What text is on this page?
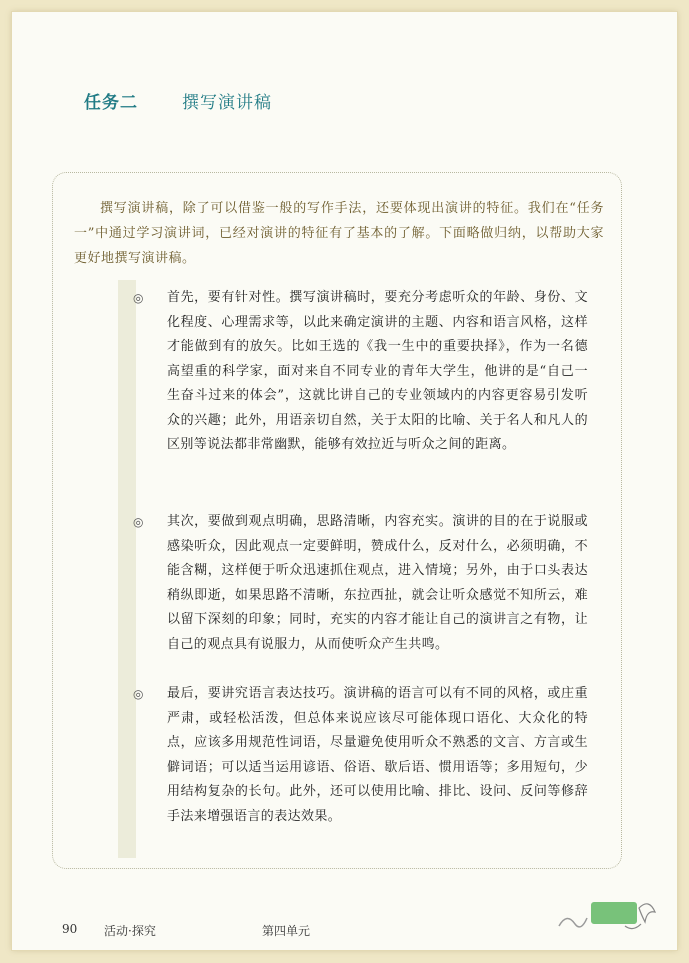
任务二	撰写演讲稿
撰写演讲稿，除了可以借鉴一般的写作手法，还要体现出演讲的特征。我们在“任务一”中通过学习演讲词，已经对演讲的特征有了基本的了解。下面略做归纳，以帮助大家更好地撰写演讲稿。
◎	首先，要有针对性。撰写演讲稿时，要充分考虑听众的年龄、身份、文化程度、心理需求等，以此来确定演讲的主题、内容和语言风格，这样才能做到有的放矢。比如王选的《我一生中的重要抉择》，作为一名德高望重的科学家，面对来自不同专业的青年大学生，他讲的是“自己一生奋斗过来的体会”，这就比讲自己的专业领域内的内容更容易引发听众的兴趣；此外，用语亲切自然，关于太阳的比喻、关于名人和凡人的区别等说法都非常幽默，能够有效拉近与听众之间的距离。
◎	其次，要做到观点明确，思路清晰，内容充实。演讲的目的在于说服或感染听众，因此观点一定要鲜明，赞成什么，反对什么，必须明确，不能含糊，这样便于听众迅速抓住观点，进入情境；另外，由于口头表达稍纵即逝，如果思路不清晰，东拉西扯，就会让听众感觉不知所云，难以留下深刻的印象；同时，充实的内容才能让自己的演讲言之有物，让自己的观点具有说服力，从而使听众产生共鸣。
◎	最后，要讲究语言表达技巧。演讲稿的语言可以有不同的风格，或庄重严肃，或轻松活泼，但总体来说应该尽可能体现口语化、大众化的特点，应该多用规范性词语，尽量避免使用听众不熟悉的文言、方言或生僻词语；可以适当运用谚语、俗语、歇后语、惯用语等；多用短句，少用结构复杂的长句。此外，还可以使用比喻、排比、设问、反问等修辞手法来增强语言的表达效果。
90 活动·探究	第四单元
